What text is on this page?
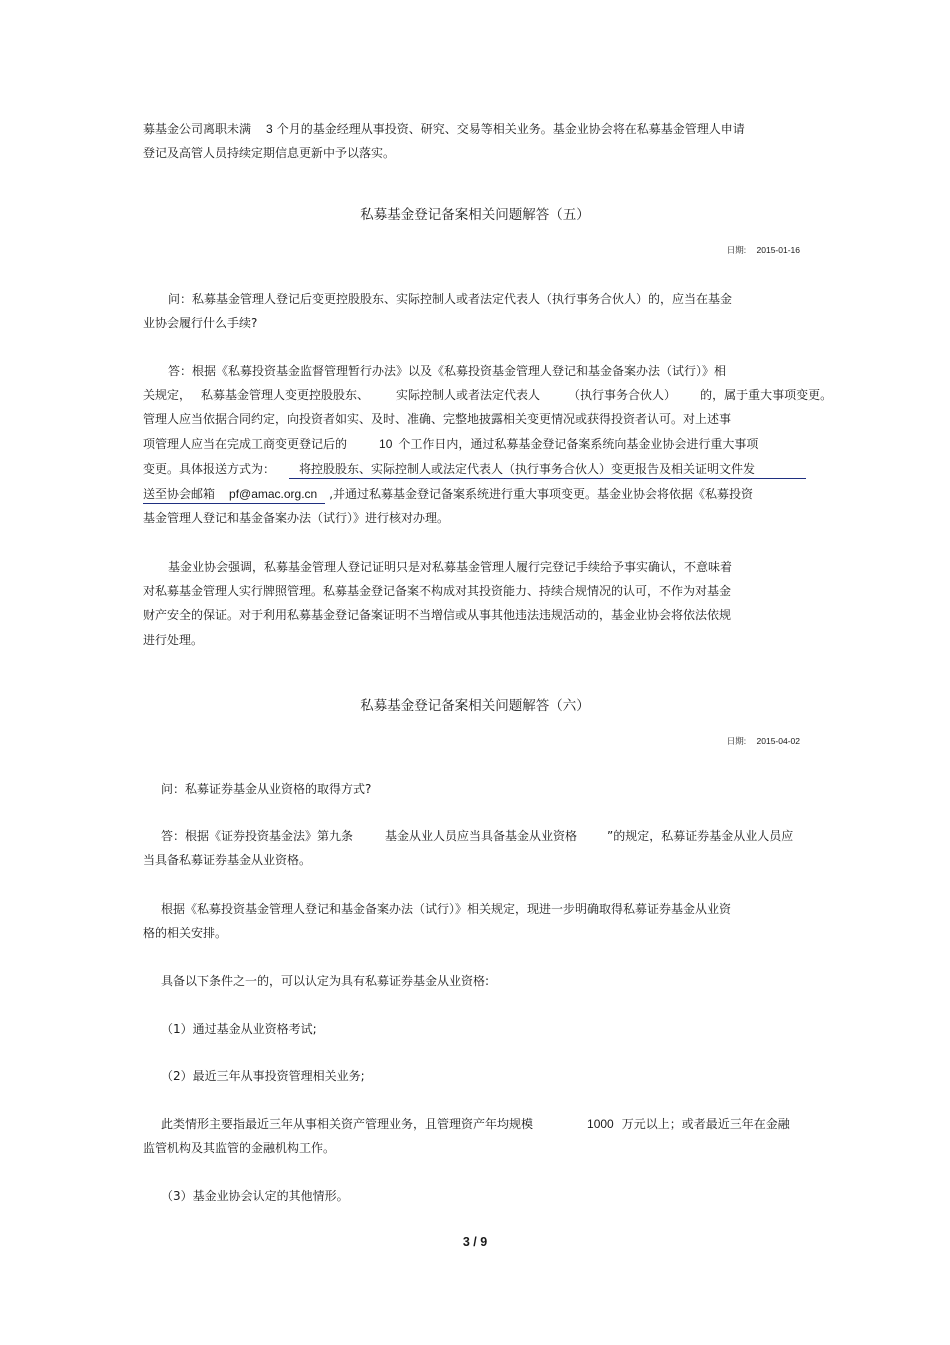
募基金公司离职未满 3 个月的基金经理从事投资、研究、交易等相关业务。基金业协会将在私募基金管理人申请
登记及高管人员持续定期信息更新中予以落实。
私募基金登记备案相关问题解答（五）
日期: 2015-01-16
问：私募基金管理人登记后变更控股股东、实际控制人或者法定代表人（执行事务合伙人）的，应当在基金
业协会履行什么手续?
答：根据《私募投资基金监督管理暂行办法》以及《私募投资基金管理人登记和基金备案办法（试行）》相
关规定， 私募基金管理人变更控股股东、 实际控制人或者法定代表人 （执行事务合伙人） 的，属于重大事项变更。
管理人应当依据合同约定，向投资者如实、及时、准确、完整地披露相关变更情况或获得投资者认可。对上述事
项管理人应当在完成工商变更登记后的	10 个工作日内，通过私募基金登记备案系统向基金业协会进行重大事项
变更。具体报送方式为： 将控股股东、实际控制人或法定代表人（执行事务合伙人）变更报告及相关证明文件发
送至协会邮箱 pf@amac.org.cn ,并通过私募基金登记备案系统进行重大事项变更。基金业协会将依据《私募投资
基金管理人登记和基金备案办法（试行）》进行核对办理。
基金业协会强调，私募基金管理人登记证明只是对私募基金管理人履行完登记手续给予事实确认，不意味着
对私募基金管理人实行牌照管理。私募基金登记备案不构成对其投资能力、持续合规情况的认可，不作为对基金
财产安全的保证。对于利用私募基金登记备案证明不当增信或从事其他违法违规活动的，基金业协会将依法依规
进行处理。
私募基金登记备案相关问题解答（六）
日期: 2015-04-02
问：私募证券基金从业资格的取得方式?
答：根据《证券投资基金法》第九条	基金从业人员应当具备基金从业资格	”的规定，私募证券基金从业人员应
当具备私募证券基金从业资格。
根据《私募投资基金管理人登记和基金备案办法（试行）》相关规定，现进一步明确取得私募证券基金从业资
格的相关安排。
具备以下条件之一的，可以认定为具有私募证券基金从业资格:
（1）通过基金从业资格考试;
（2）最近三年从事投资管理相关业务;
此类情形主要指最近三年从事相关资产管理业务，且管理资产年均规模	1000 万元以上；或者最近三年在金融
监管机构及其监管的金融机构工作。
（3）基金业协会认定的其他情形。
3 / 9
